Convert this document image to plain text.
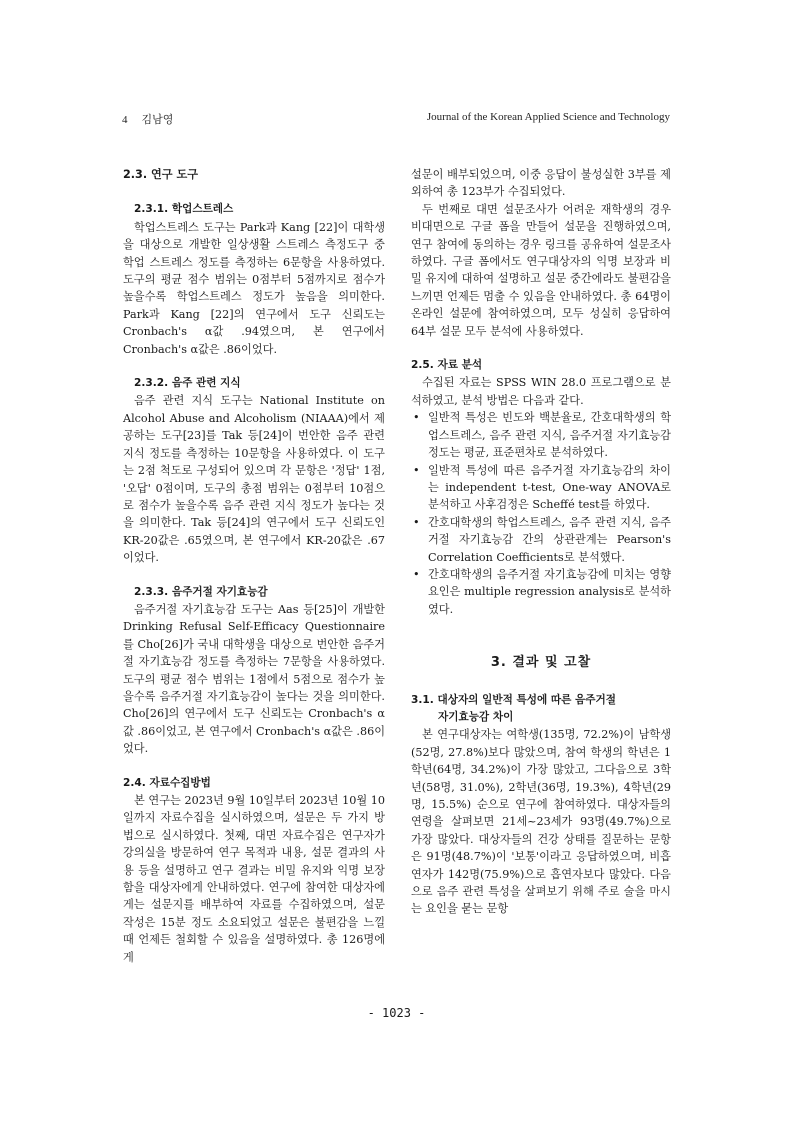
4 김남영	Journal of the Korean Applied Science and Technology
2.3. 연구 도구
2.3.1. 학업스트레스

학업스트레스 도구는 Park과 Kang [22]이 대학생을 대상으로 개발한 일상생활 스트레스 측정도구 중 학업 스트레스 정도를 측정하는 6문항을 사용하였다. 도구의 평균 점수 범위는 0점부터 5점까지로 점수가 높을수록 학업스트레스 정도가 높음을 의미한다. Park과 Kang [22]의 연구에서 도구 신뢰도는 Cronbach's α값 .94였으며, 본 연구에서 Cronbach's α값은 .86이었다.

2.3.2. 음주 관련 지식

음주 관련 지식 도구는 National Institute on Alcohol Abuse and Alcoholism (NIAAA)에서 제공하는 도구[23]를 Tak 등[24]이 번안한 음주 관련 지식 정도를 측정하는 10문항을 사용하였다. 이 도구는 2점 척도로 구성되어 있으며 각 문항은 '정답' 1점, '오답' 0점이며, 도구의 총점 범위는 0점부터 10점으로 점수가 높을수록 음주 관련 지식 정도가 높다는 것을 의미한다. Tak 등[24]의 연구에서 도구 신뢰도인 KR-20값은 .65였으며, 본 연구에서 KR-20값은 .67이었다.

2.3.3. 음주거절 자기효능감

음주거절 자기효능감 도구는 Aas 등[25]이 개발한 Drinking Refusal Self-Efficacy Questionnaire를 Cho[26]가 국내 대학생을 대상으로 번안한 음주거절 자기효능감 정도를 측정하는 7문항을 사용하였다. 도구의 평균 점수 범위는 1점에서 5점으로 점수가 높을수록 음주거절 자기효능감이 높다는 것을 의미한다. Cho[26]의 연구에서 도구 신뢰도는 Cronbach's α값 .86이었고, 본 연구에서 Cronbach's α값은 .86이었다.

2.4. 자료수집방법

본 연구는 2023년 9월 10일부터 2023년 10월 10일까지 자료수집을 실시하였으며, 설문은 두 가지 방법으로 실시하였다. 첫째, 대면 자료수집은 연구자가 강의실을 방문하여 연구 목적과 내용, 설문 결과의 사용 등을 설명하고 연구 결과는 비밀 유지와 익명 보장함을 대상자에게 안내하였다. 연구에 참여한 대상자에게는 설문지를 배부하여 자료를 수집하였으며, 설문 작성은 15분 정도 소요되었고 설문은 불편감을 느낄 때 언제든 철회할 수 있음을 설명하였다. 총 126명에게

설문이 배부되었으며, 이중 응답이 불성실한 3부를 제외하여 총 123부가 수집되었다.

두 번째로 대면 설문조사가 어려운 재학생의 경우 비대면으로 구글 폼을 만들어 설문을 진행하였으며, 연구 참여에 동의하는 경우 링크를 공유하여 설문조사하였다. 구글 폼에서도 연구대상자의 익명 보장과 비밀 유지에 대하여 설명하고 설문 중간에라도 불편감을 느끼면 언제든 멈출 수 있음을 안내하였다. 총 64명이 온라인 설문에 참여하였으며, 모두 성실히 응답하여 64부 설문 모두 분석에 사용하였다.

2.5. 자료 분석

수집된 자료는 SPSS WIN 28.0 프로그램으로 분석하였고, 분석 방법은 다음과 같다.

• 일반적 특성은 빈도와 백분율로, 간호대학생의 학업스트레스, 음주 관련 지식, 음주거절 자기효능감 정도는 평균, 표준편차로 분석하였다.
• 일반적 특성에 따른 음주거절 자기효능감의 차이는 independent t-test, One-way ANOVA로 분석하고 사후검정은 Scheffé test를 하였다.
• 간호대학생의 학업스트레스, 음주 관련 지식, 음주거절 자기효능감 간의 상관관계는 Pearson's Correlation Coefficients로 분석했다.
• 간호대학생의 음주거절 자기효능감에 미치는 영향 요인은 multiple regression analysis로 분석하였다.
3. 결과 및 고찰
3.1. 대상자의 일반적 특성에 따른 음주거절
자기효능감 차이

본 연구대상자는 여학생(135명, 72.2%)이 남학생(52명, 27.8%)보다 많았으며, 참여 학생의 학년은 1학년(64명, 34.2%)이 가장 많았고, 그다음으로 3학년(58명, 31.0%), 2학년(36명, 19.3%), 4학년(29명, 15.5%) 순으로 연구에 참여하였다. 대상자들의 연령을 살펴보면 21세~23세가 93명(49.7%)으로 가장 많았다. 대상자들의 건강 상태를 질문하는 문항은 91명(48.7%)이 '보통'이라고 응답하였으며, 비흡연자가 142명(75.9%)으로 흡연자보다 많았다. 다음으로 음주 관련 특성을 살펴보기 위해 주로 술을 마시는 요인을 묻는 문항

- 1023 -
